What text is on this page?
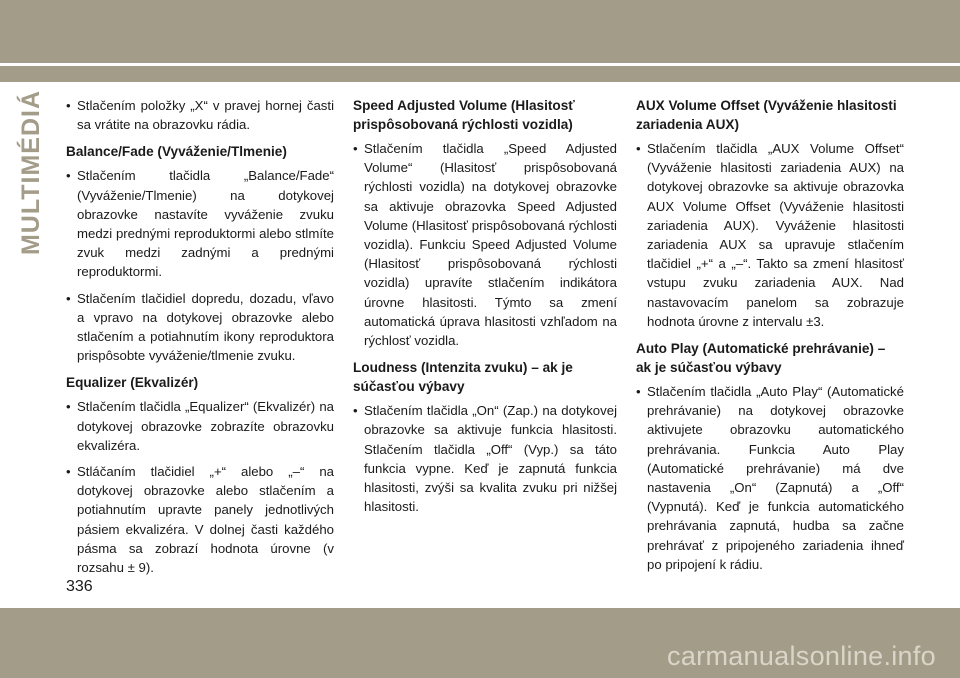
MULTIMÉDIÁ • Stlačením položky „X“ v pravej hornej časti sa vrátite na obrazovku rádia.
Balance/Fade (Vyváženie/Tlmenie)
• Stlačením tlačidla „Balance/Fade“ (Vyváženie/Tlmenie) na dotykovej obrazovke nastavíte vyváženie zvuku medzi prednými reproduktormi alebo stlmíte zvuk medzi zadnými a prednými reproduktormi.
• Stlačením tlačidiel dopredu, dozadu, vľavo a vpravo na dotykovej obrazovke alebo stlačením a potiahnutím ikony reproduktora prispôsobte vyváženie/tlmenie zvuku.
Equalizer (Ekvalizér)
• Stlačením tlačidla „Equalizer“ (Ekvalizér) na dotykovej obrazovke zobrazíte obrazovku ekvalizéra.
• Stláčaním tlačidiel „+“ alebo „–“ na dotykovej obrazovke alebo stlačením a potiahnutím upravte panely jednotlivých pásiem ekvalizéra. V dolnej časti každého pásma sa zobrazí hodnota úrovne (v rozsahu ± 9).
Speed Adjusted Volume (Hlasitosť prispôsobovaná rýchlosti vozidla)
• Stlačením tlačidla „Speed Adjusted Volume“ (Hlasitosť prispôsobovaná rýchlosti vozidla) na dotykovej obrazovke sa aktivuje obrazovka Speed Adjusted Volume (Hlasitosť prispôsobovaná rýchlosti vozidla). Funkciu Speed Adjusted Volume (Hlasitosť prispôsobovaná rýchlosti vozidla) upravíte stlačením indikátora úrovne hlasitosti. Týmto sa zmení automatická úprava hlasitosti vzhľadom na rýchlosť vozidla.
Loudness (Intenzita zvuku) – ak je súčasťou výbavy
• Stlačením tlačidla „On“ (Zap.) na dotykovej obrazovke sa aktivuje funkcia hlasitosti. Stlačením tlačidla „Off“ (Vyp.) sa táto funkcia vypne. Keď je zapnutá funkcia hlasitosti, zvýši sa kvalita zvuku pri nižšej hlasitosti.
AUX Volume Offset (Vyváženie hlasitosti zariadenia AUX)
• Stlačením tlačidla „AUX Volume Offset“ (Vyváženie hlasitosti zariadenia AUX) na dotykovej obrazovke sa aktivuje obrazovka AUX Volume Offset (Vyváženie hlasitosti zariadenia AUX). Vyváženie hlasitosti zariadenia AUX sa upravuje stlačením tlačidiel „+“ a „–“. Takto sa zmení hlasitosť vstupu zvuku zariadenia AUX. Nad nastavovacím panelom sa zobrazuje hodnota úrovne z intervalu ±3.
Auto Play (Automatické prehrávanie) – ak je súčasťou výbavy
• Stlačením tlačidla „Auto Play“ (Automatické prehrávanie) na dotykovej obrazovke aktivujete obrazovku automatického prehrávania. Funkcia Auto Play (Automatické prehrávanie) má dve nastavenia „On“ (Zapnutá) a „Off“ (Vypnutá). Keď je funkcia automatického prehrávania zapnutá, hudba sa začne prehrávať z pripojeného zariadenia ihneď po pripojení k rádiu.
336
carmanualsonline.info
